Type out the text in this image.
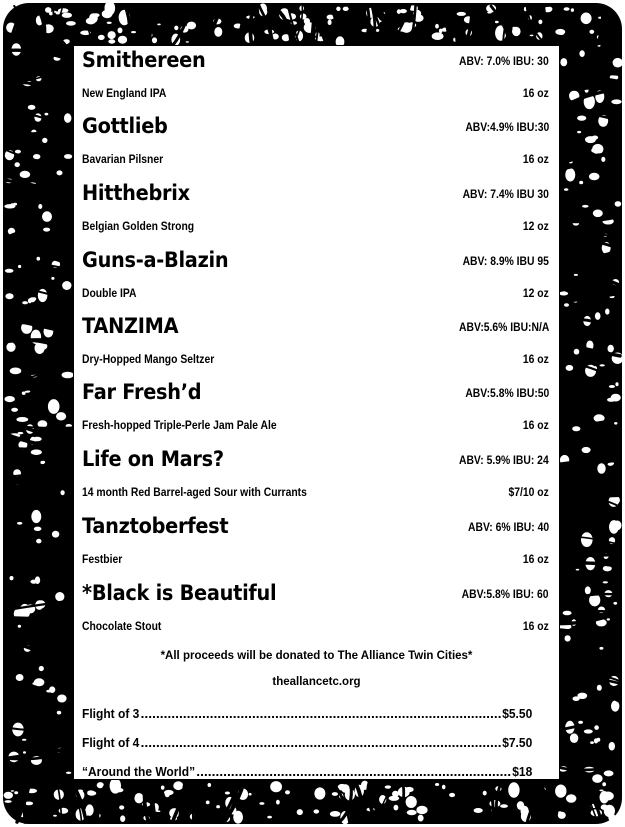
Smithereen	ABV: 7.0% IBU: 30
New England IPA	16 oz
Gottlieb	ABV:4.9% IBU:30
Bavarian Pilsner	16 oz
Hitthebrix	ABV: 7.4% IBU 30
Belgian Golden Strong	12 oz
Guns-a-Blazin	ABV: 8.9% IBU 95
Double IPA	12 oz
TANZIMA	ABV:5.6% IBU:N/A
Dry-Hopped Mango Seltzer	16 oz
Far Fresh’d	ABV:5.8% IBU:50
Fresh-hopped Triple-Perle Jam Pale Ale	16 oz
Life on Mars?	ABV: 5.9% IBU: 24
14 month Red Barrel-aged Sour with Currants	$7/10 oz
Tanztoberfest	ABV: 6% IBU: 40
Festbier	16 oz
*Black is Beautiful	ABV:5.8% IBU: 60
Chocolate Stout	16 oz
*All proceeds will be donated to The Alliance Twin Cities*
theallancetc.org
Flight of 3	$5.50
Flight of 4	$7.50
“Around the World”	$18
